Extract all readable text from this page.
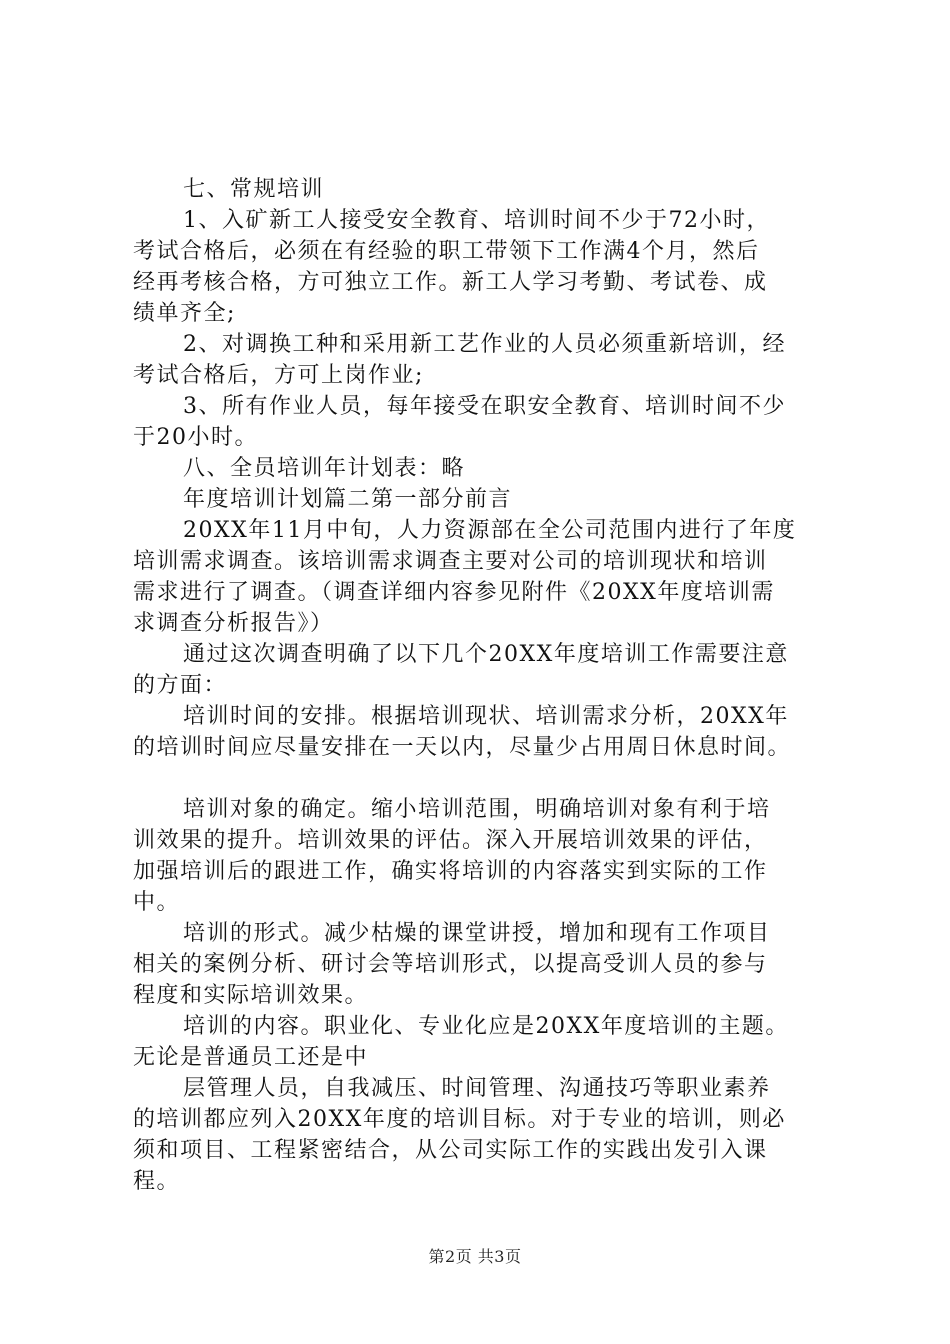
七、常规培训
1、入矿新工人接受安全教育、培训时间不少于72小时，
考试合格后，必须在有经验的职工带领下工作满4个月，然后
经再考核合格，方可独立工作。新工人学习考勤、考试卷、成
绩单齐全;
2、对调换工种和采用新工艺作业的人员必须重新培训，经
考试合格后，方可上岗作业;
3、所有作业人员，每年接受在职安全教育、培训时间不少
于20小时。
八、全员培训年计划表：略
年度培训计划篇二第一部分前言
20XX年11月中旬，人力资源部在全公司范围内进行了年度
培训需求调查。该培训需求调查主要对公司的培训现状和培训
需求进行了调查。（调查详细内容参见附件《20XX年度培训需
求调查分析报告》）
通过这次调查明确了以下几个20XX年度培训工作需要注意
的方面：
培训时间的安排。根据培训现状、培训需求分析，20XX年
的培训时间应尽量安排在一天以内，尽量少占用周日休息时间。
培训对象的确定。缩小培训范围，明确培训对象有利于培
训效果的提升。培训效果的评估。深入开展培训效果的评估，
加强培训后的跟进工作，确实将培训的内容落实到实际的工作
中。
培训的形式。减少枯燥的课堂讲授，增加和现有工作项目
相关的案例分析、研讨会等培训形式，以提高受训人员的参与
程度和实际培训效果。
培训的内容。职业化、专业化应是20XX年度培训的主题。
无论是普通员工还是中
层管理人员，自我减压、时间管理、沟通技巧等职业素养
的培训都应列入20XX年度的培训目标。对于专业的培训，则必
须和项目、工程紧密结合，从公司实际工作的实践出发引入课
程。
第2页 共3页
